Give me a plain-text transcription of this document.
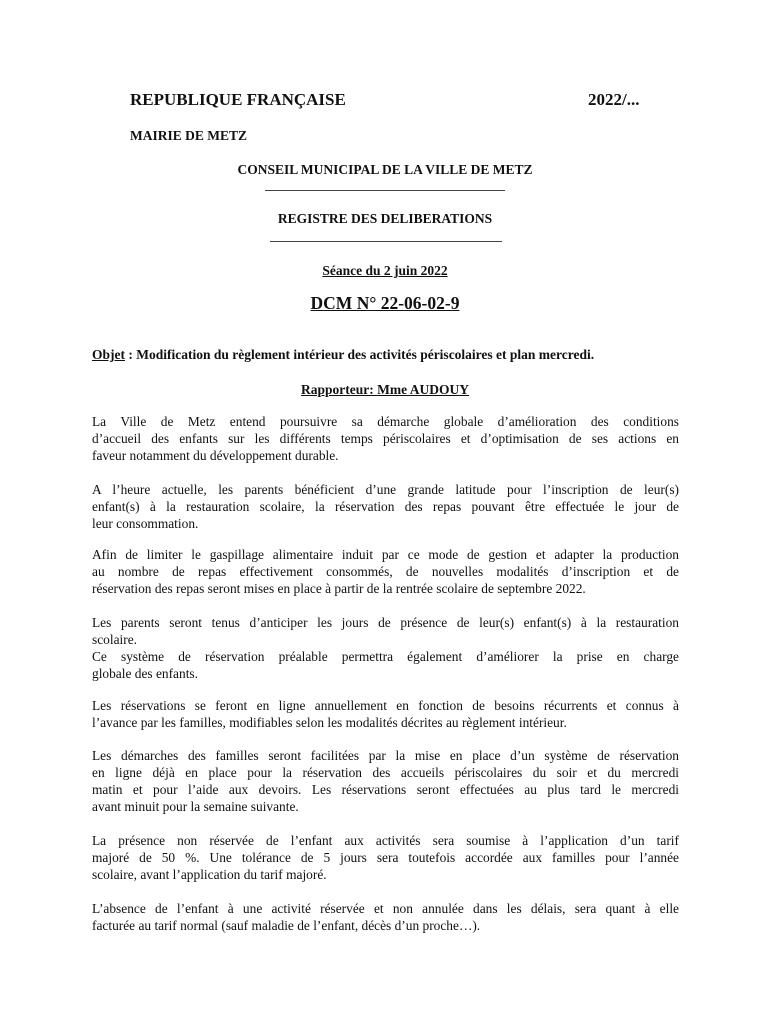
REPUBLIQUE FRANÇAISE	2022/...
MAIRIE DE METZ
CONSEIL MUNICIPAL DE LA VILLE DE METZ
REGISTRE DES DELIBERATIONS
Séance du 2 juin 2022
DCM N° 22-06-02-9
Objet : Modification du règlement intérieur des activités périscolaires et plan mercredi.
Rapporteur: Mme AUDOUY
La Ville de Metz entend poursuivre sa démarche globale d’amélioration des conditions
d’accueil des enfants sur les différents temps périscolaires et d’optimisation de ses actions en
faveur notamment du développement durable.
A l’heure actuelle, les parents bénéficient d’une grande latitude pour l’inscription de leur(s)
enfant(s) à la restauration scolaire, la réservation des repas pouvant être effectuée le jour de
leur consommation.
Afin de limiter le gaspillage alimentaire induit par ce mode de gestion et adapter la production
au nombre de repas effectivement consommés, de nouvelles modalités d’inscription et de
réservation des repas seront mises en place à partir de la rentrée scolaire de septembre 2022.
Les parents seront tenus d’anticiper les jours de présence de leur(s) enfant(s) à la restauration
scolaire.
Ce système de réservation préalable permettra également d’améliorer la prise en charge
globale des enfants.
Les réservations se feront en ligne annuellement en fonction de besoins récurrents et connus à
l’avance par les familles, modifiables selon les modalités décrites au règlement intérieur.
Les démarches des familles seront facilitées par la mise en place d’un système de réservation
en ligne déjà en place pour la réservation des accueils périscolaires du soir et du mercredi
matin et pour l’aide aux devoirs. Les réservations seront effectuées au plus tard le mercredi
avant minuit pour la semaine suivante.
La présence non réservée de l’enfant aux activités sera soumise à l’application d’un tarif
majoré de 50 %. Une tolérance de 5 jours sera toutefois accordée aux familles pour l’année
scolaire, avant l’application du tarif majoré.
L’absence de l’enfant à une activité réservée et non annulée dans les délais, sera quant à elle
facturée au tarif normal (sauf maladie de l’enfant, décès d’un proche…).
